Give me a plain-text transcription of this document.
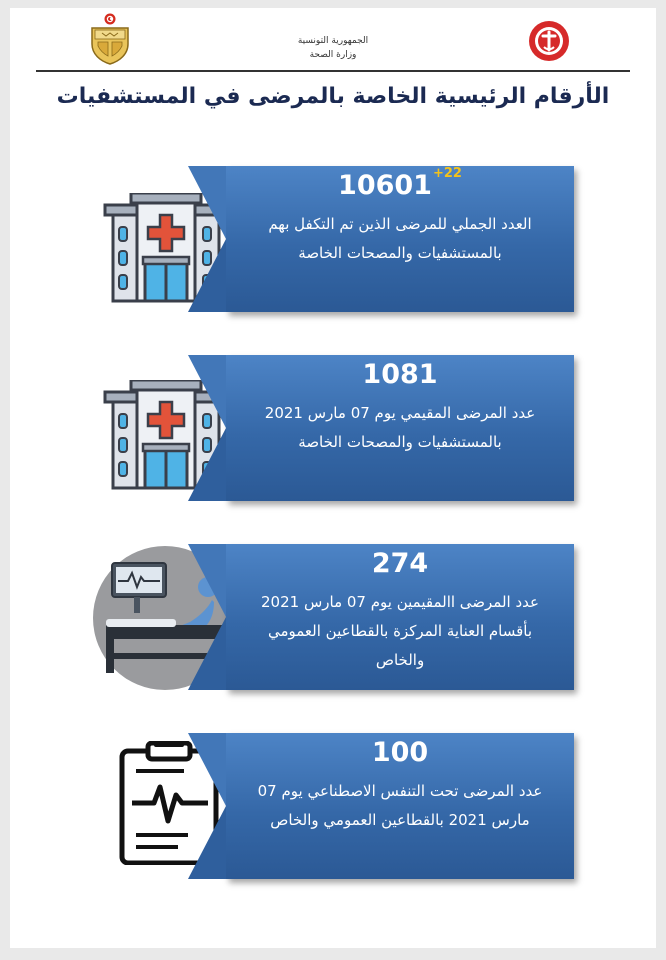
الجمهورية التونسية
وزارة الصحة
الأرقام الرئيسية الخاصة بالمرضى في المستشفيات
$10601^{+22}$
العدد الجملي للمرضى الذين تم التكفل بهم بالمستشفيات والمصحات الخاصة
1081
عدد المرضى المقيمي يوم 07 مارس 2021 بالمستشفيات والمصحات الخاصة
274
عدد المرضى االمقيمين يوم 07 مارس 2021 بأقسام العناية المركزة بالقطاعين العمومي والخاص
100
عدد المرضى تحت التنفس الاصطناعي يوم 07 مارس 2021 بالقطاعين العمومي والخاص
